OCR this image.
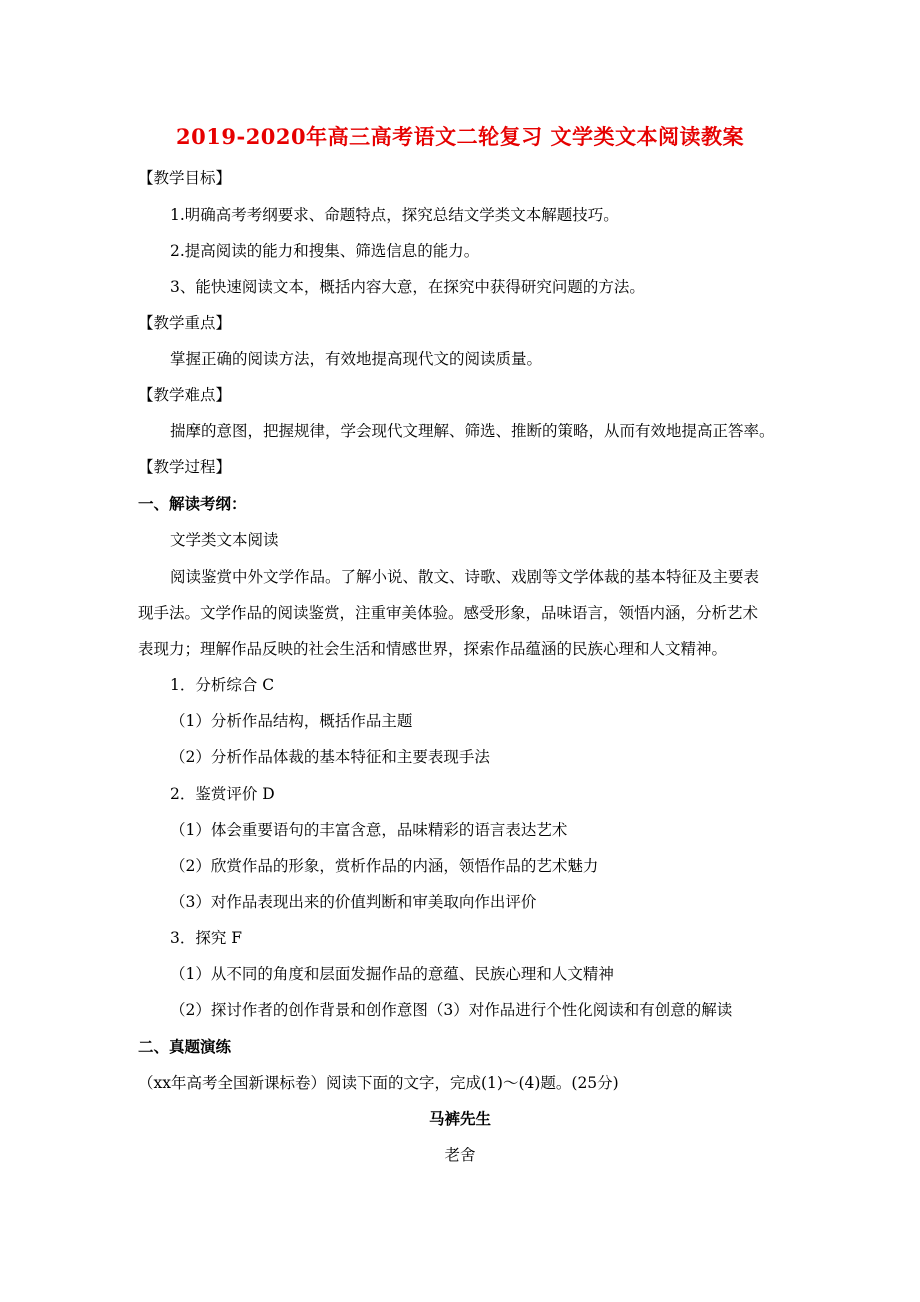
2019-2020年高三高考语文二轮复习 文学类文本阅读教案
【教学目标】
1.明确高考考纲要求、命题特点，探究总结文学类文本解题技巧。
2.提高阅读的能力和搜集、筛选信息的能力。
3、能快速阅读文本，概括内容大意，在探究中获得研究问题的方法。
【教学重点】
掌握正确的阅读方法，有效地提高现代文的阅读质量。
【教学难点】
揣摩的意图，把握规律，学会现代文理解、筛选、推断的策略，从而有效地提高正答率。
【教学过程】
一、解读考纲：
文学类文本阅读
阅读鉴赏中外文学作品。了解小说、散文、诗歌、戏剧等文学体裁的基本特征及主要表
现手法。文学作品的阅读鉴赏，注重审美体验。感受形象，品味语言，领悟内涵，分析艺术
表现力；理解作品反映的社会生活和情感世界，探索作品蕴涵的民族心理和人文精神。
1．分析综合 C
（1）分析作品结构，概括作品主题
（2）分析作品体裁的基本特征和主要表现手法
2．鉴赏评价 D
（1）体会重要语句的丰富含意，品味精彩的语言表达艺术
（2）欣赏作品的形象，赏析作品的内涵，领悟作品的艺术魅力
（3）对作品表现出来的价值判断和审美取向作出评价
3．探究 F
（1）从不同的角度和层面发掘作品的意蕴、民族心理和人文精神
（2）探讨作者的创作背景和创作意图（3）对作品进行个性化阅读和有创意的解读
二、真题演练
（xx年高考全国新课标卷）阅读下面的文字，完成(1)～(4)题。(25分)
马裤先生
老舍
